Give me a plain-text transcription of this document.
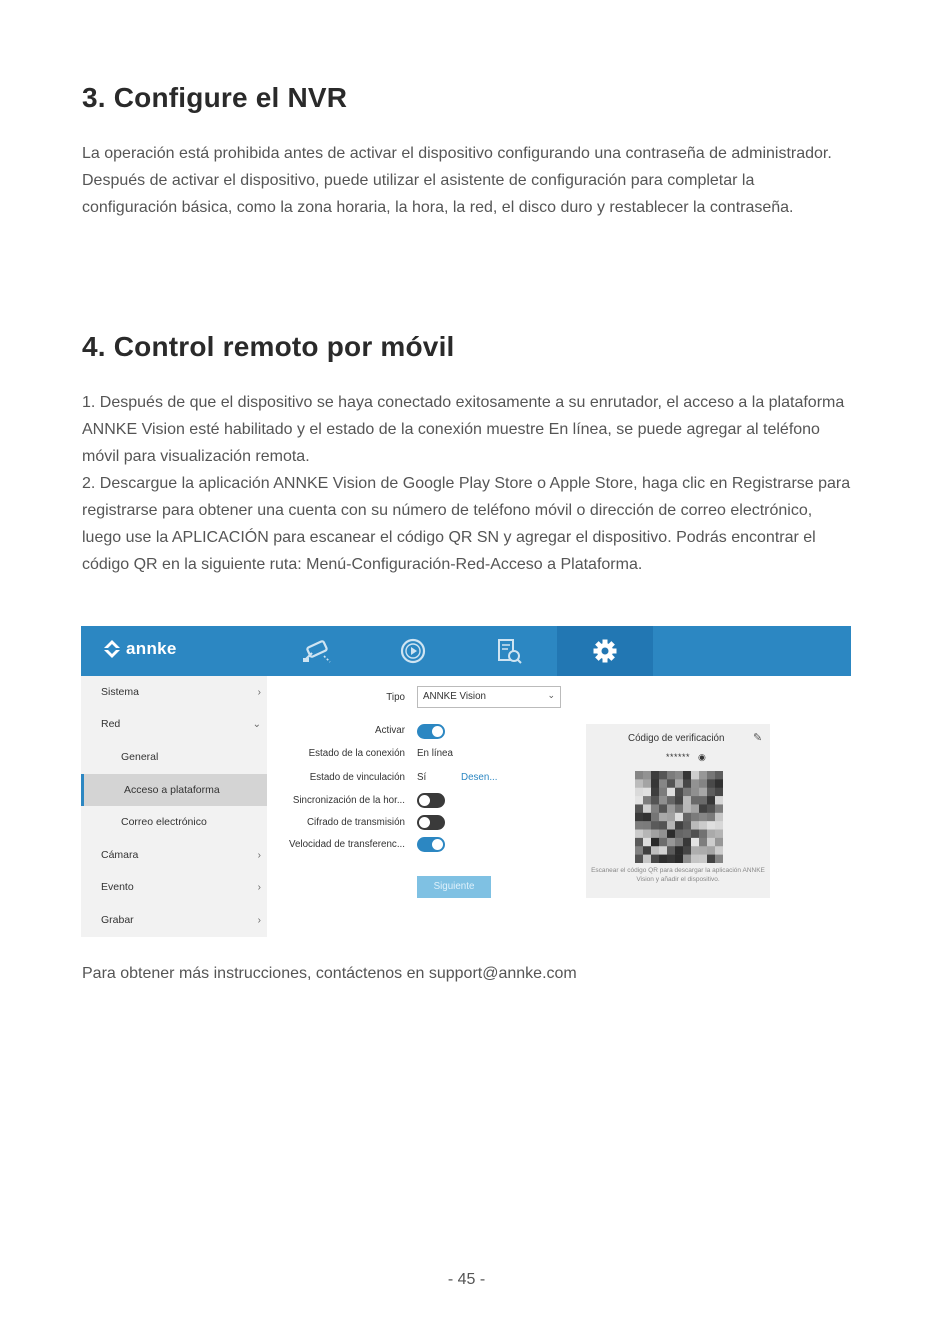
3. Configure el NVR
La operación está prohibida antes de activar el dispositivo configurando una contraseña de administrador. Después de activar el dispositivo, puede utilizar el asistente de configuración para completar la configuración básica, como la zona horaria, la hora, la red, el disco duro y restablecer la contraseña.
4. Control remoto por móvil
1. Después de que el dispositivo se haya conectado exitosamente a su enrutador, el acceso a la plataforma ANNKE Vision esté habilitado y el estado de la conexión muestre En línea, se puede agregar al teléfono móvil para visualización remota.
2. Descargue la aplicación ANNKE Vision de Google Play Store o Apple Store, haga clic en Registrarse para registrarse para obtener una cuenta con su número de teléfono móvil o dirección de correo electrónico, luego use la APLICACIÓN para escanear el código QR SN y agregar el dispositivo. Podrás encontrar el código QR en la siguiente ruta: Menú-Configuración-Red-Acceso a Plataforma.
annke
Sistema	›
Red	⌄
General
Acceso a plataforma
Correo electrónico
Cámara	›
Evento	›
Grabar	›
Tipo	ANNKE Vision	⌄
Activar
Estado de la conexión En línea
Estado de vinculación Sí	Desen...
Sincronización de la hor...
Cifrado de transmisión
Velocidad de transferenc...
Siguiente
Código de verificación	✎
****** ◉
Escanear el código QR para descargar la aplicación ANNKE Vision y añadir el dispositivo.
Para obtener más instrucciones, contáctenos en support@annke.com
- 45 -
